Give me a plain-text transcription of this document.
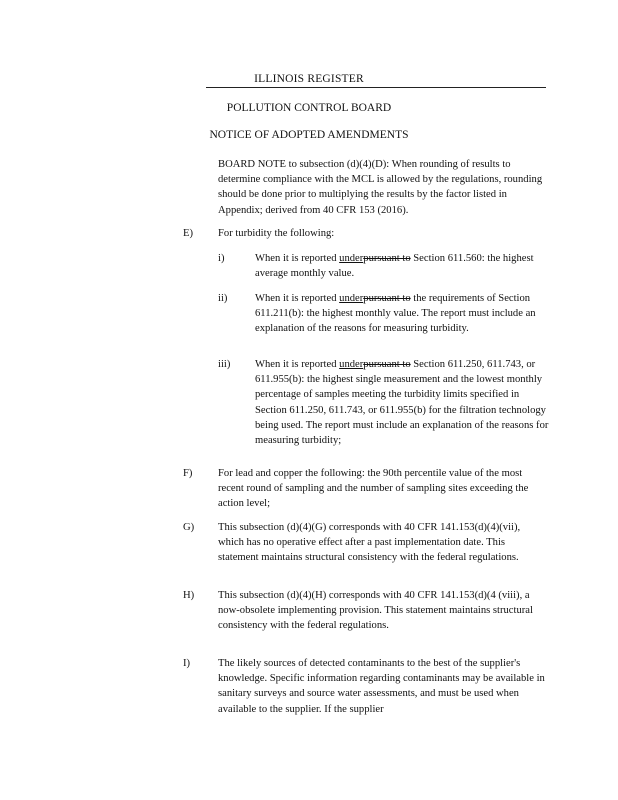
ILLINOIS REGISTER
POLLUTION CONTROL BOARD
NOTICE OF ADOPTED AMENDMENTS
BOARD NOTE to subsection (d)(4)(D): When rounding of results to determine compliance with the MCL is allowed by the regulations, rounding should be done prior to multiplying the results by the factor listed in Appendix; derived from 40 CFR 153 (2016).
E) For turbidity the following:
i)	When it is reported underpursuant to Section 611.560: the highest average monthly value.
ii)	When it is reported underpursuant to the requirements of Section 611.211(b): the highest monthly value. The report must include an explanation of the reasons for measuring turbidity.
iii) When it is reported underpursuant to Section 611.250, 611.743, or 611.955(b): the highest single measurement and the lowest monthly percentage of samples meeting the turbidity limits specified in Section 611.250, 611.743, or 611.955(b) for the filtration technology being used. The report must include an explanation of the reasons for measuring turbidity;
F) For lead and copper the following: the 90th percentile value of the most recent round of sampling and the number of sampling sites exceeding the action level;
G) This subsection (d)(4)(G) corresponds with 40 CFR 141.153(d)(4)(vii), which has no operative effect after a past implementation date. This statement maintains structural consistency with the federal regulations.
H) This subsection (d)(4)(H) corresponds with 40 CFR 141.153(d)(4 (viii), a now-obsolete implementing provision. This statement maintains structural consistency with the federal regulations.
I)	The likely sources of detected contaminants to the best of the supplier's knowledge. Specific information regarding contaminants may be available in sanitary surveys and source water assessments, and must be used when available to the supplier. If the supplier
